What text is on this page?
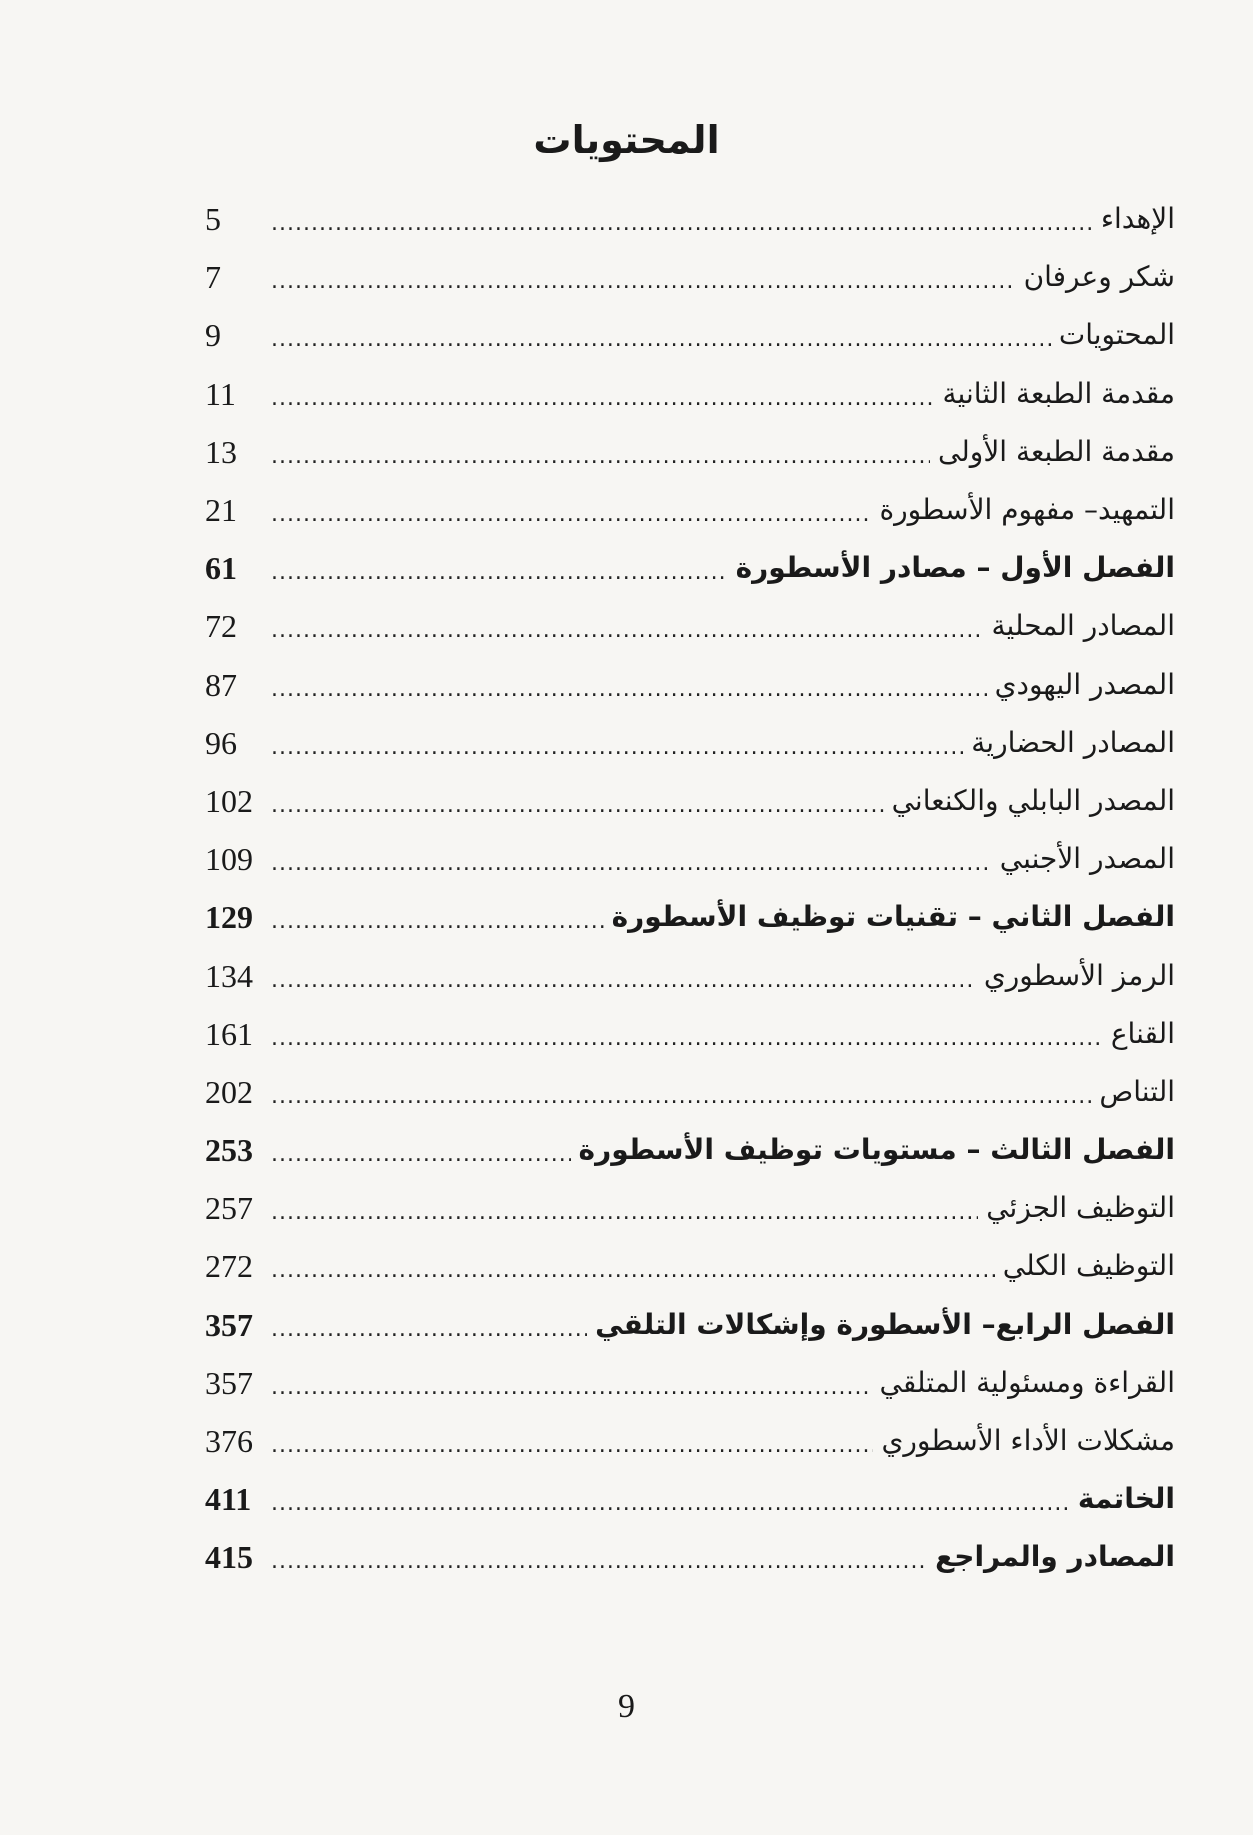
المحتويات
5 .....	الإهداء
7 .....	شكر وعرفان
9 .....	المحتويات
11 .....	مقدمة الطبعة الثانية
13 .....	مقدمة الطبعة الأولى
21 .....	التمهيد– مفهوم الأسطورة
61 .....	الفصل الأول – مصادر الأسطورة
72 .....	المصادر المحلية
87 .....	المصدر اليهودي
96 .....	المصادر الحضارية
102 .....	المصدر البابلي والكنعاني
109 .....	المصدر الأجنبي
129 .....	الفصل الثاني – تقنيات توظيف الأسطورة
134 .....	الرمز الأسطوري
161 .....	القناع
202 .....	التناص
253 .....	الفصل الثالث – مستويات توظيف الأسطورة
257 .....	التوظيف الجزئي
272 .....	التوظيف الكلي
357 .....	الفصل الرابع– الأسطورة وإشكالات التلقي
357 .....	القراءة ومسئولية المتلقي
376 .....	مشكلات الأداء الأسطوري
411 .....	الخاتمة
415 .....	المصادر والمراجع
9
